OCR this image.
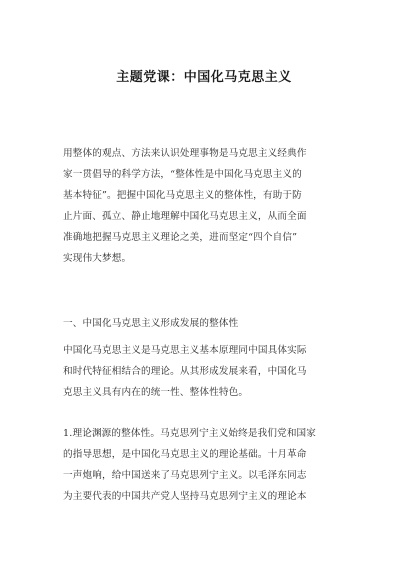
主题党课：中国化马克思主义
用整体的观点、方法来认识处理事物是马克思主义经典作
家一贯倡导的科学方法，“整体性是中国化马克思主义的
基本特征”。把握中国化马克思主义的整体性，有助于防
止片面、孤立、静止地理解中国化马克思主义，从而全面
准确地把握马克思主义理论之美，进而坚定“四个自信”
实现伟大梦想。
一、中国化马克思主义形成发展的整体性
中国化马克思主义是马克思主义基本原理同中国具体实际
和时代特征相结合的理论。从其形成发展来看，中国化马
克思主义具有内在的统一性、整体性特色。
1.理论渊源的整体性。马克思列宁主义始终是我们党和国家
的指导思想，是中国化马克思主义的理论基础。十月革命
一声炮响，给中国送来了马克思列宁主义。以毛泽东同志
为主要代表的中国共产党人坚持马克思列宁主义的理论本
